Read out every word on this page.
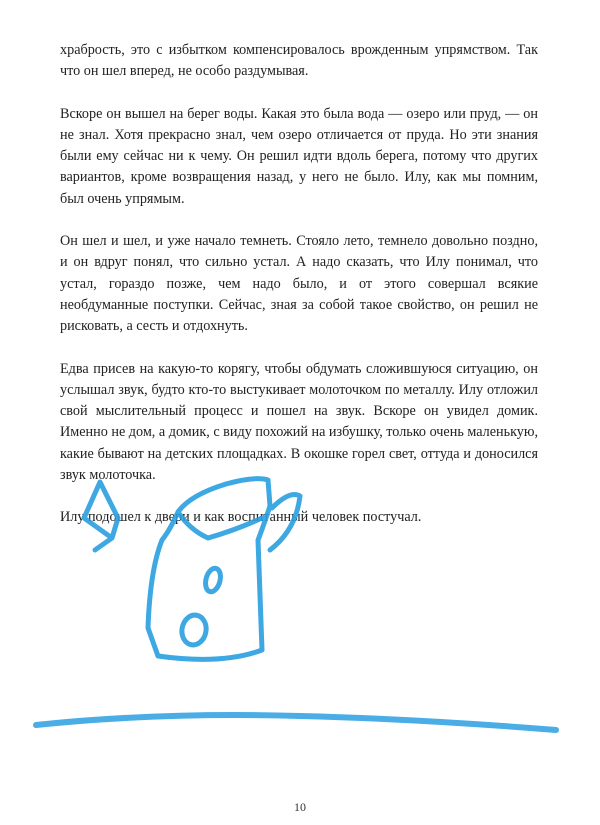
храбрость, это с избытком компенсировалось врожденным упрямством. Так что он шел вперед, не особо раздумывая.

Вскоре он вышел на берег воды. Какая это была вода — озеро или пруд, — он не знал. Хотя прекрасно знал, чем озеро отличается от пруда. Но эти знания были ему сейчас ни к чему. Он решил идти вдоль берега, потому что других вариантов, кроме возвращения назад, у него не было. Илу, как мы помним, был очень упрямым.

Он шел и шел, и уже начало темнеть. Стояло лето, темнело довольно поздно, и он вдруг понял, что сильно устал. А надо сказать, что Илу понимал, что устал, гораздо позже, чем надо было, и от этого совершал всякие необдуманные поступки. Сейчас, зная за собой такое свойство, он решил не рисковать, а сесть и отдохнуть.

Едва присев на какую-то корягу, чтобы обдумать сложившуюся ситуацию, он услышал звук, будто кто-то выстукивает молоточком по металлу. Илу отложил свой мыслительный процесс и пошел на звук. Вскоре он увидел домик. Именно не дом, а домик, с виду похожий на избушку, только очень маленькую, какие бывают на детских площадках. В окошке горел свет, оттуда и доносился звук молоточка.

Илу подошел к двери и как воспитанный человек постучал.

10
